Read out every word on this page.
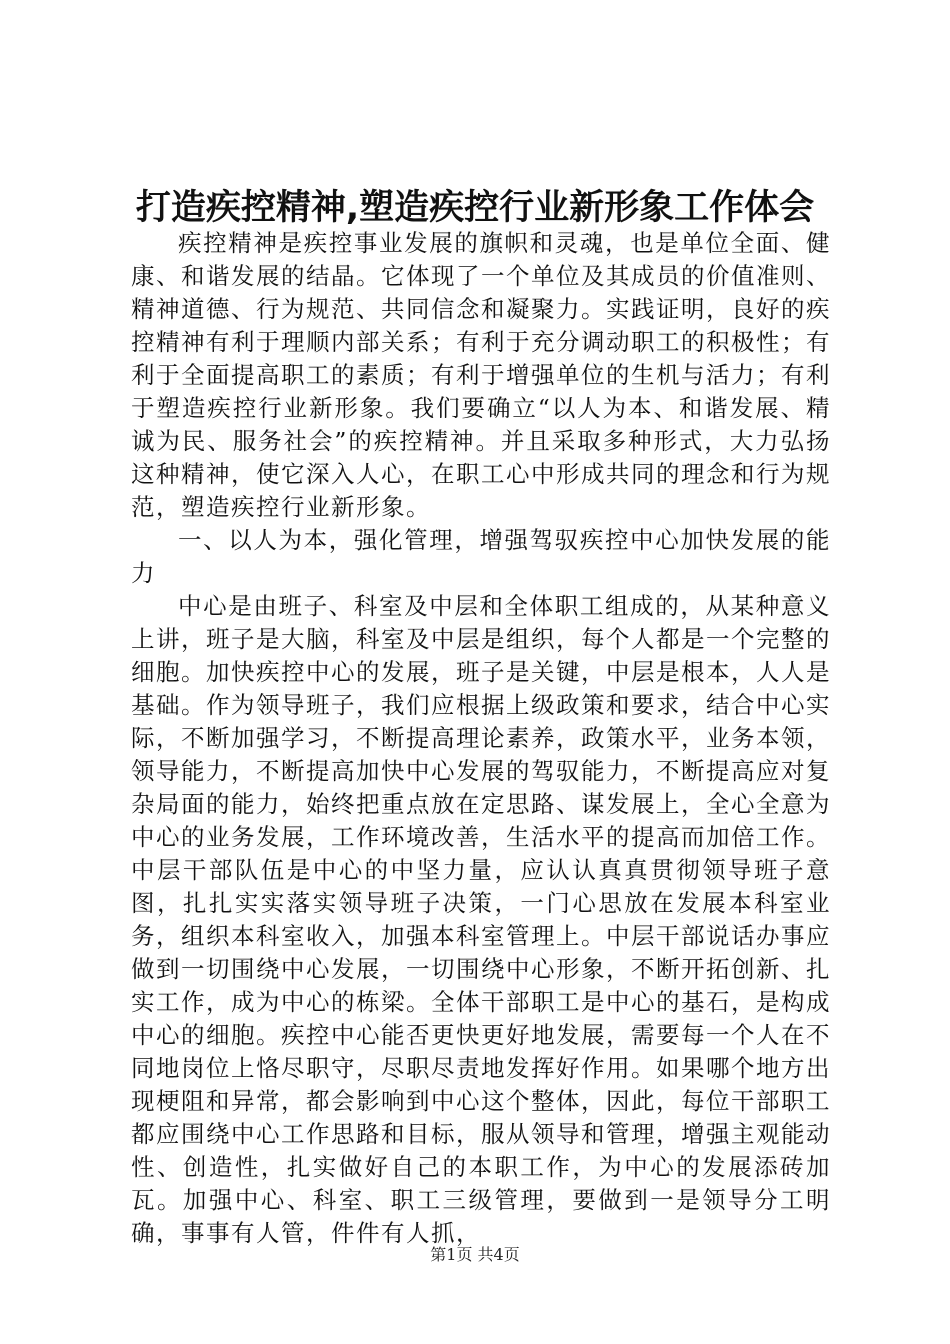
打造疾控精神,塑造疾控行业新形象工作体会

疾控精神是疾控事业发展的旗帜和灵魂，也是单位全面、健康、和谐发展的结晶。它体现了一个单位及其成员的价值准则、精神道德、行为规范、共同信念和凝聚力。实践证明，良好的疾控精神有利于理顺内部关系；有利于充分调动职工的积极性；有利于全面提高职工的素质；有利于增强单位的生机与活力；有利于塑造疾控行业新形象。我们要确立“以人为本、和谐发展、精诚为民、服务社会”的疾控精神。并且采取多种形式，大力弘扬这种精神，使它深入人心，在职工心中形成共同的理念和行为规范，塑造疾控行业新形象。

一、以人为本，强化管理，增强驾驭疾控中心加快发展的能力

中心是由班子、科室及中层和全体职工组成的，从某种意义上讲，班子是大脑，科室及中层是组织，每个人都是一个完整的细胞。加快疾控中心的发展，班子是关键，中层是根本，人人是基础。作为领导班子，我们应根据上级政策和要求，结合中心实际，不断加强学习，不断提高理论素养，政策水平，业务本领，领导能力，不断提高加快中心发展的驾驭能力，不断提高应对复杂局面的能力，始终把重点放在定思路、谋发展上，全心全意为中心的业务发展，工作环境改善，生活水平的提高而加倍工作。中层干部队伍是中心的中坚力量，应认认真真贯彻领导班子意图，扎扎实实落实领导班子决策，一门心思放在发展本科室业务，组织本科室收入，加强本科室管理上。中层干部说话办事应做到一切围绕中心发展，一切围绕中心形象，不断开拓创新、扎实工作，成为中心的栋梁。全体干部职工是中心的基石，是构成中心的细胞。疾控中心能否更快更好地发展，需要每一个人在不同地岗位上恪尽职守，尽职尽责地发挥好作用。如果哪个地方出现梗阻和异常，都会影响到中心这个整体，因此，每位干部职工都应围绕中心工作思路和目标，服从领导和管理，增强主观能动性、创造性，扎实做好自己的本职工作，为中心的发展添砖加瓦。加强中心、科室、职工三级管理，要做到一是领导分工明确，事事有人管，件件有人抓，

第1页 共4页
